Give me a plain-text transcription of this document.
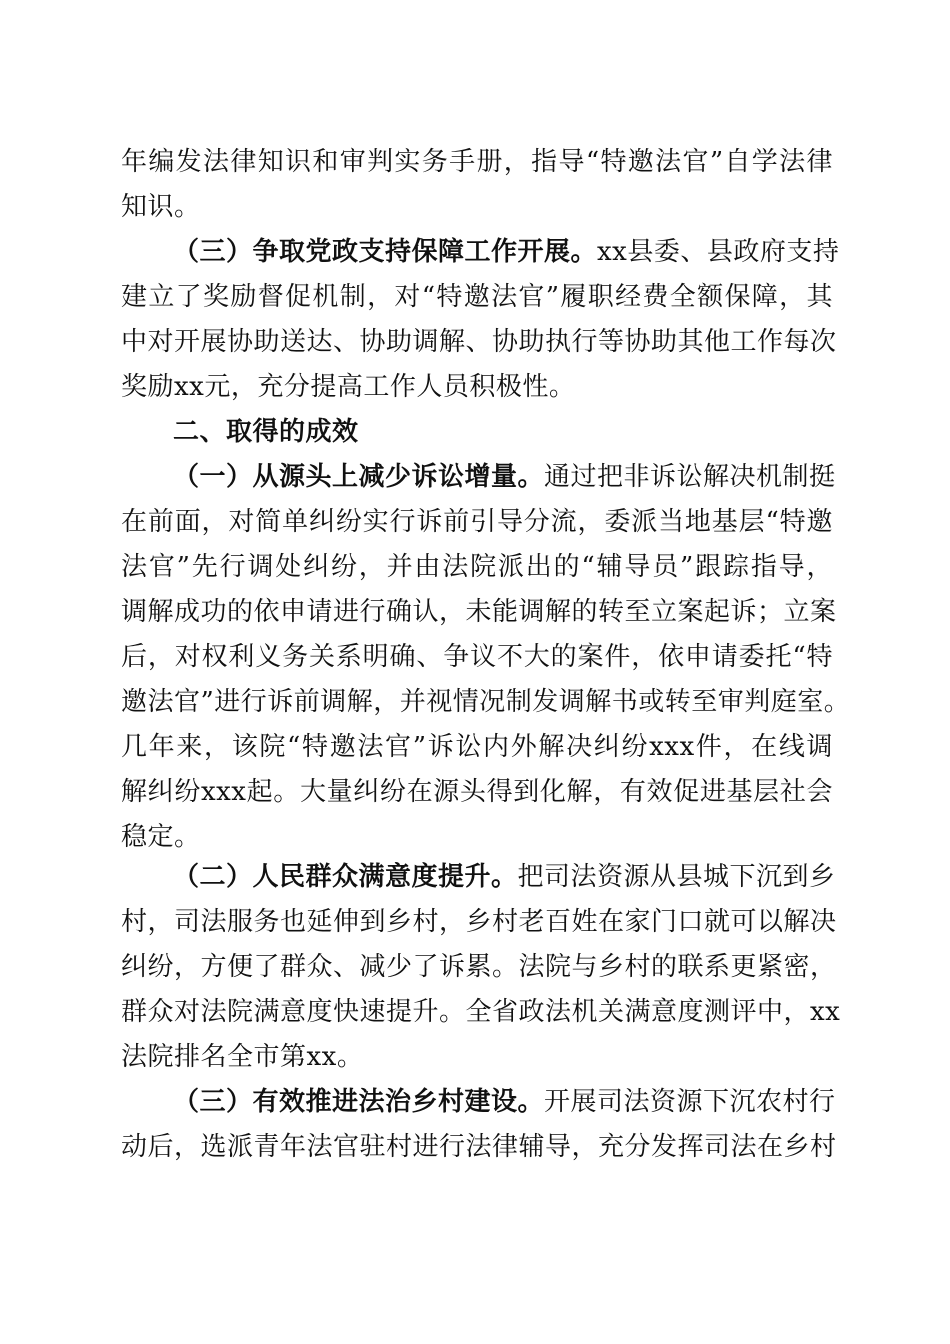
年编发法律知识和审判实务手册，指导“特邀法官”自学法律
知识。
（三）争取党政支持保障工作开展。xx县委、县政府支持
建立了奖励督促机制，对“特邀法官”履职经费全额保障，其
中对开展协助送达、协助调解、协助执行等协助其他工作每次
奖励xx元，充分提高工作人员积极性。
二、取得的成效
（一）从源头上减少诉讼增量。通过把非诉讼解决机制挺
在前面，对简单纠纷实行诉前引导分流，委派当地基层“特邀
法官”先行调处纠纷，并由法院派出的“辅导员”跟踪指导，
调解成功的依申请进行确认，未能调解的转至立案起诉；立案
后，对权利义务关系明确、争议不大的案件，依申请委托“特
邀法官”进行诉前调解，并视情况制发调解书或转至审判庭室。
几年来，该院“特邀法官”诉讼内外解决纠纷xxx件，在线调
解纠纷xxx起。大量纠纷在源头得到化解，有效促进基层社会
稳定。
（二）人民群众满意度提升。把司法资源从县城下沉到乡
村，司法服务也延伸到乡村，乡村老百姓在家门口就可以解决
纠纷，方便了群众、减少了诉累。法院与乡村的联系更紧密，
群众对法院满意度快速提升。全省政法机关满意度测评中，xx
法院排名全市第xx。
（三）有效推进法治乡村建设。开展司法资源下沉农村行
动后，选派青年法官驻村进行法律辅导，充分发挥司法在乡村
